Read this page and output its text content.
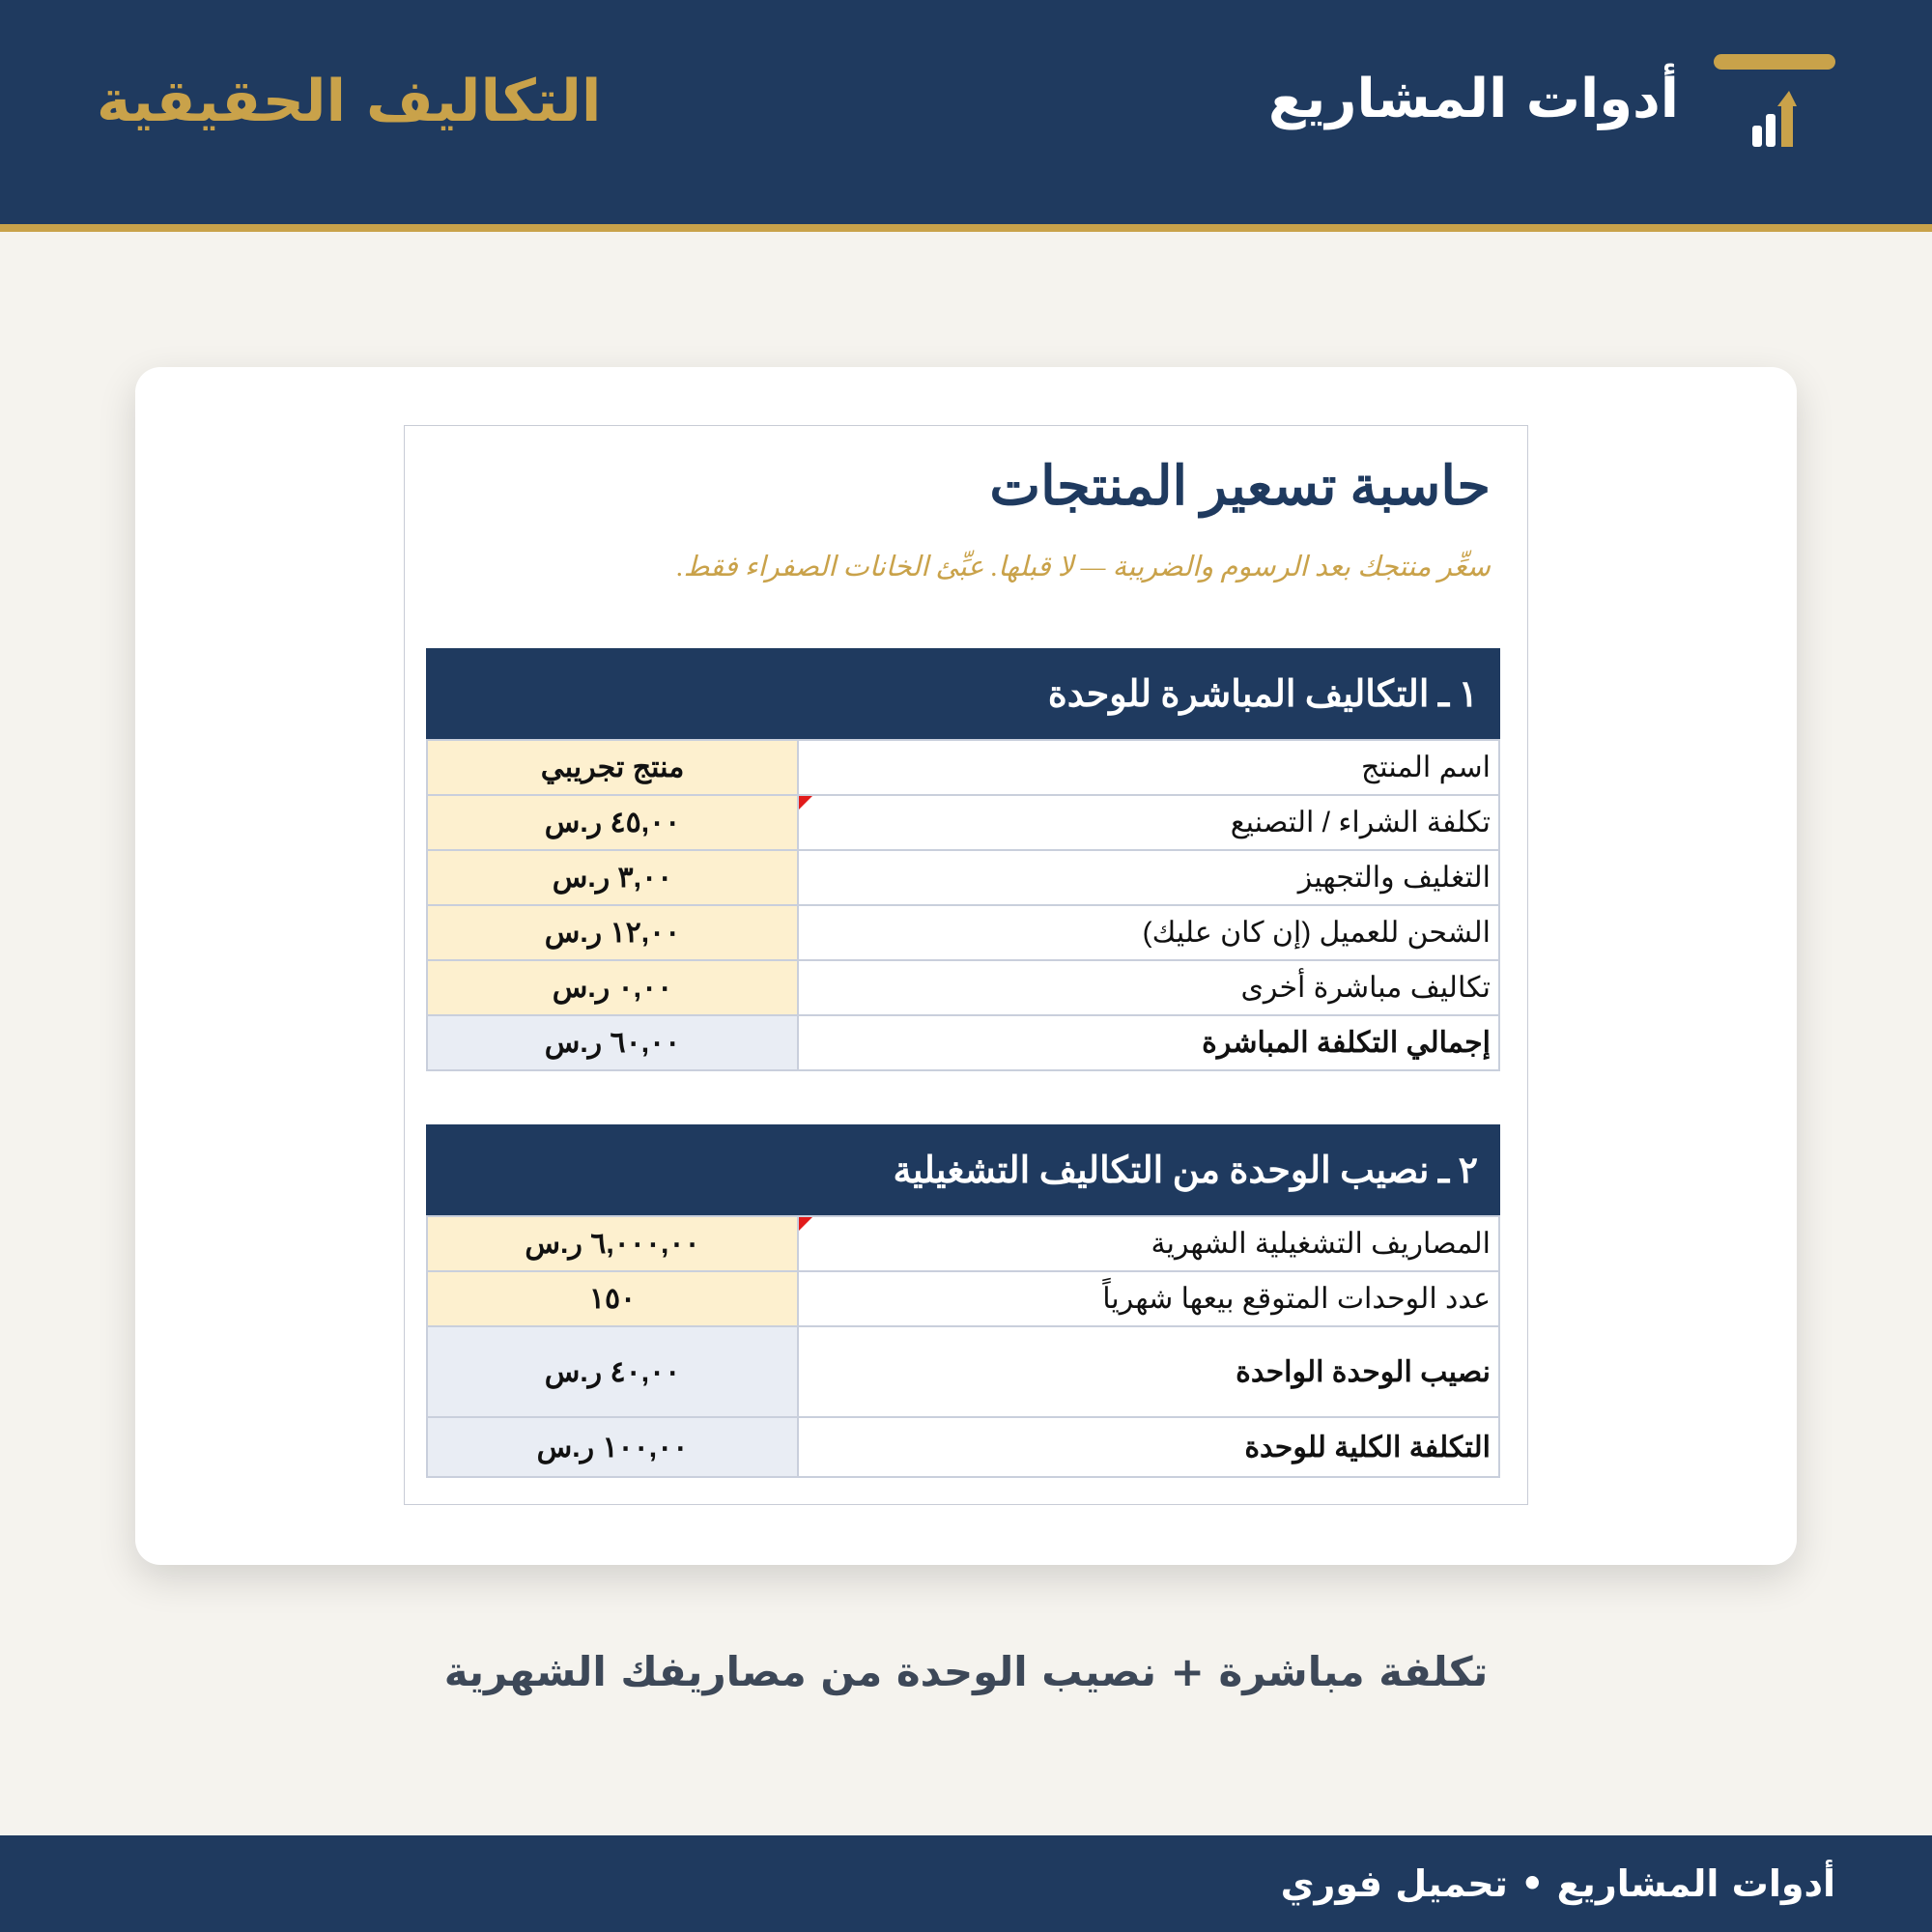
أدوات المشاريع
التكاليف الحقيقية
حاسبة تسعير المنتجات
سعِّر منتجك بعد الرسوم والضريبة — لا قبلها. عبِّئ الخانات الصفراء فقط.
١ ـ التكاليف المباشرة للوحدة
اسم المنتج	منتج تجريبي
تكلفة الشراء / التصنيع	٤٥,٠٠ ر.س
التغليف والتجهيز	٣,٠٠ ر.س
الشحن للعميل (إن كان عليك)	١٢,٠٠ ر.س
تكاليف مباشرة أخرى	٠,٠٠ ر.س
إجمالي التكلفة المباشرة	٦٠,٠٠ ر.س
٢ ـ نصيب الوحدة من التكاليف التشغيلية
المصاريف التشغيلية الشهرية	٦,٠٠٠,٠٠ ر.س
عدد الوحدات المتوقع بيعها شهرياً	١٥٠
نصيب الوحدة الواحدة	٤٠,٠٠ ر.س
التكلفة الكلية للوحدة	١٠٠,٠٠ ر.س
تكلفة مباشرة + نصيب الوحدة من مصاريفك الشهرية
أدوات المشاريع • تحميل فوري
